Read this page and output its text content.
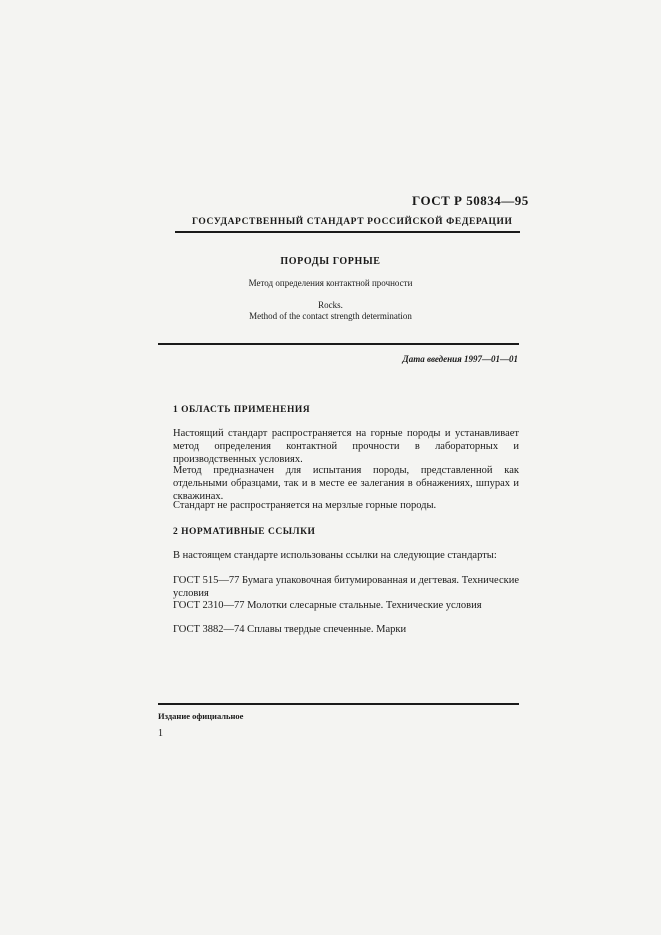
ГОСТ Р 50834—95

ГОСУДАРСТВЕННЫЙ СТАНДАРТ РОССИЙСКОЙ ФЕДЕРАЦИИ

ПОРОДЫ ГОРНЫЕ

Метод определения контактной прочности

Rocks.

Method of the contact strength determination

Дата введения 1997—01—01

1 ОБЛАСТЬ ПРИМЕНЕНИЯ

Настоящий стандарт распространяется на горные породы и устанавливает метод определения контактной прочности в лабораторных и производственных условиях.

Метод предназначен для испытания породы, представленной как отдельными образцами, так и в месте ее залегания в обнажениях, шпурах и скважинах.

Стандарт не распространяется на мерзлые горные породы.

2 НОРМАТИВНЫЕ ССЫЛКИ

В настоящем стандарте использованы ссылки на следующие стандарты:

ГОСТ 515—77 Бумага упаковочная битумированная и дегтевая. Технические условия

ГОСТ 2310—77 Молотки слесарные стальные. Технические условия

ГОСТ 3882—74 Сплавы твердые спеченные. Марки

Издание официальное

1
